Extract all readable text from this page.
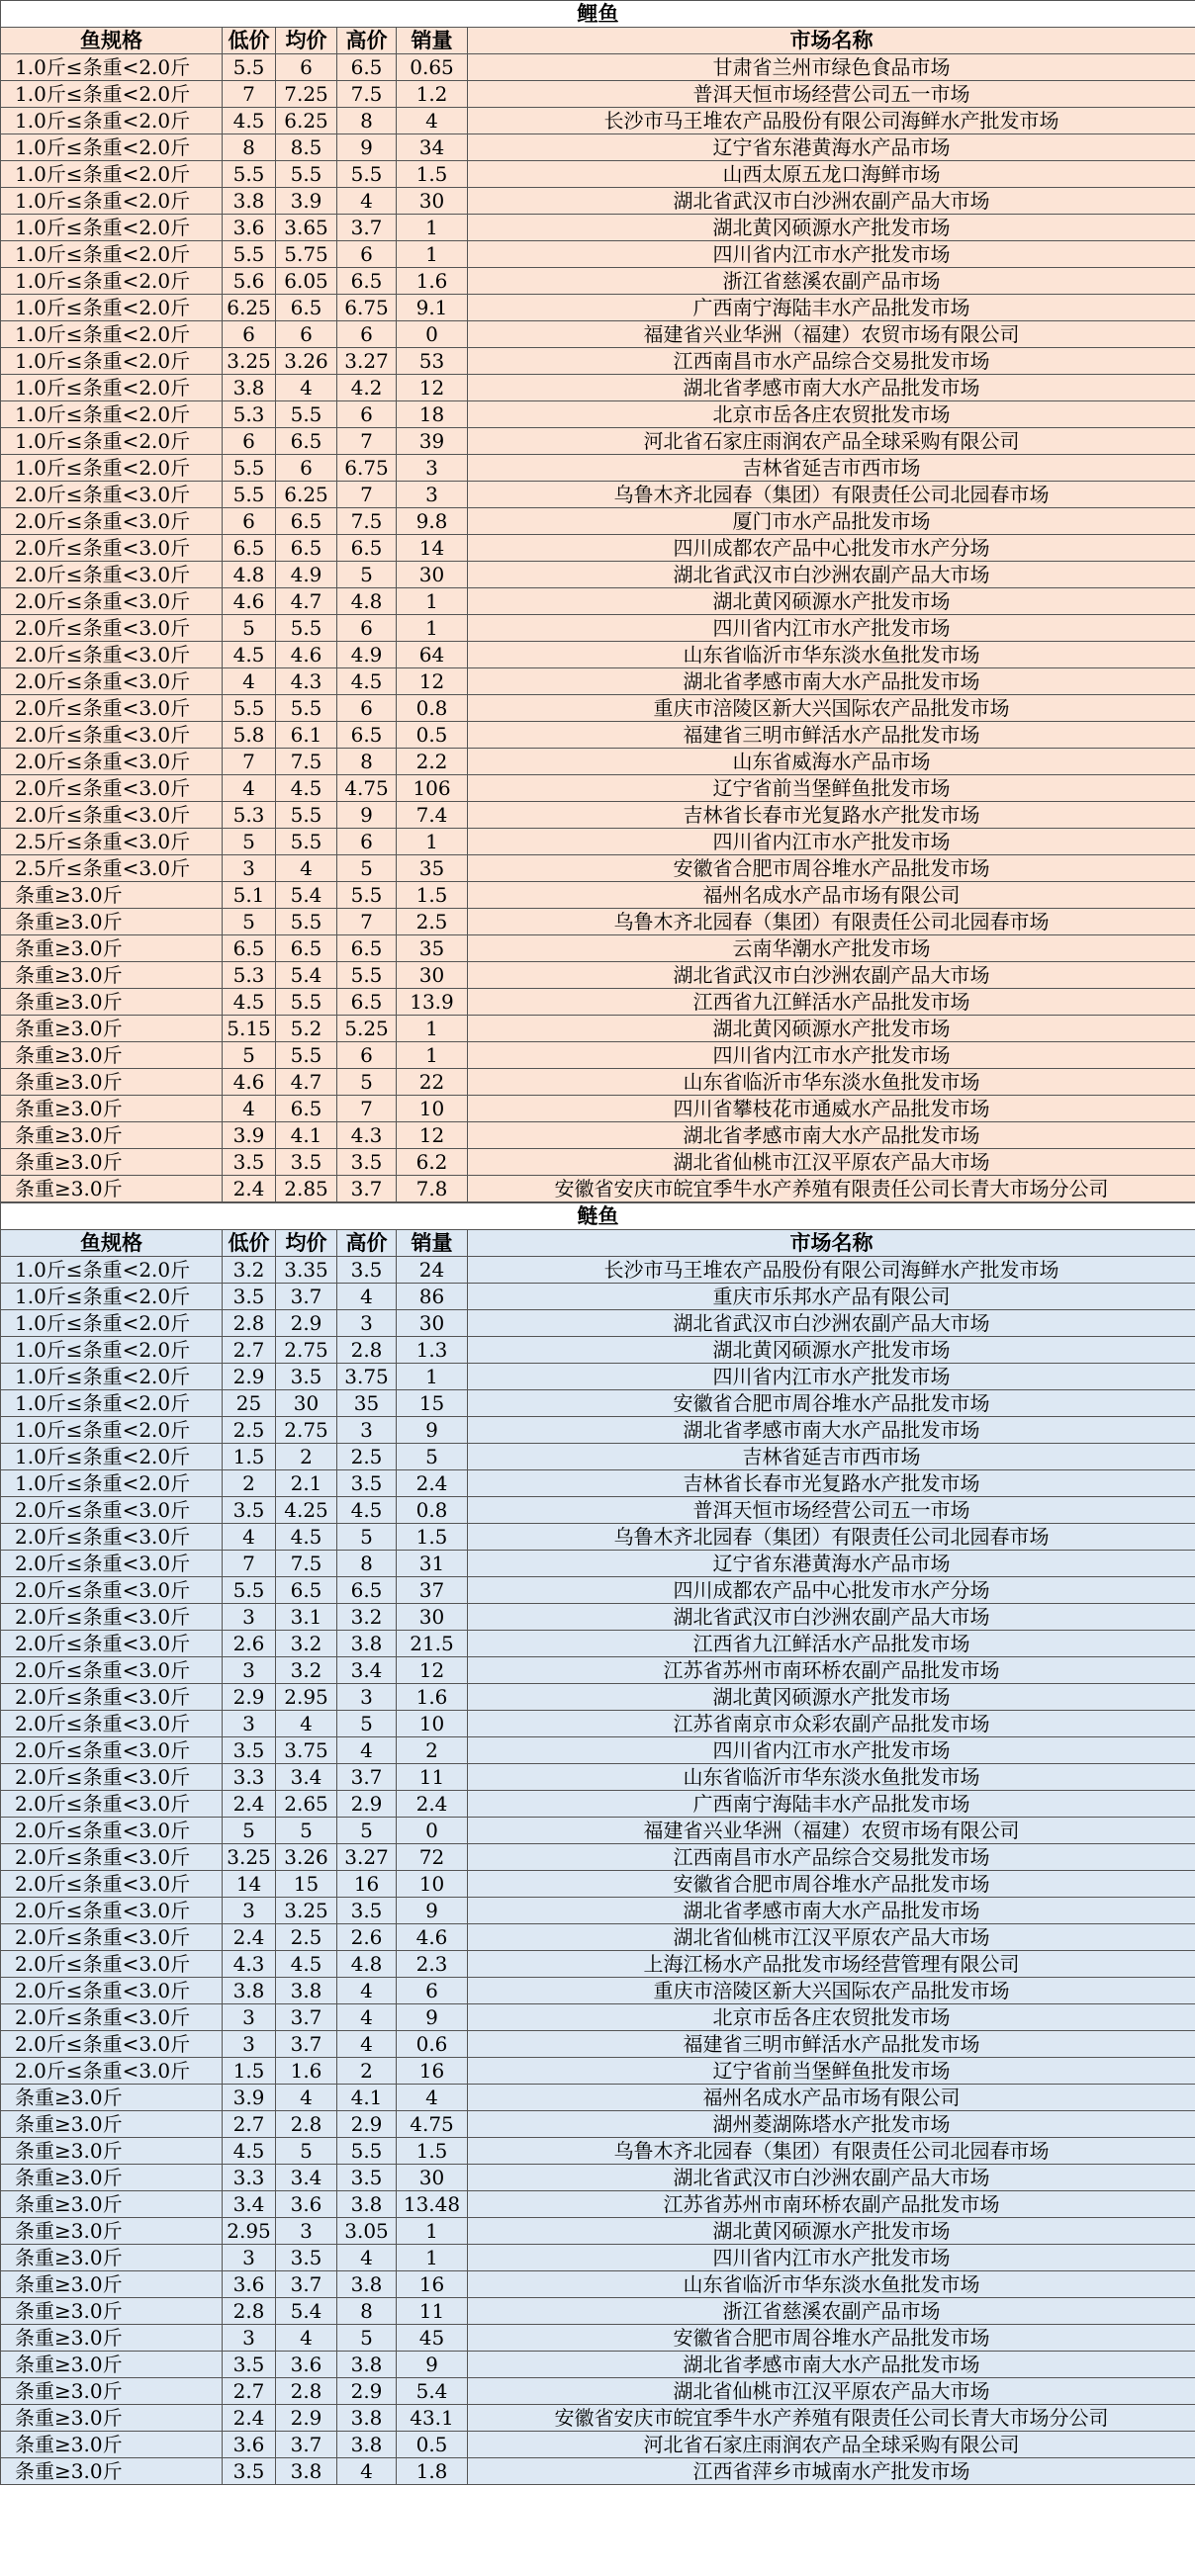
鲤鱼					
鱼规格	低价	均价	高价	销量	市场名称
1.0斤≤条重<2.0斤	5.5	6	6.5	0.65	甘肃省兰州市绿色食品市场
1.0斤≤条重<2.0斤	7	7.25	7.5	1.2	普洱天恒市场经营公司五一市场
1.0斤≤条重<2.0斤	4.5	6.25	8	4	长沙市马王堆农产品股份有限公司海鲜水产批发市场
1.0斤≤条重<2.0斤	8	8.5	9	34	辽宁省东港黄海水产品市场
1.0斤≤条重<2.0斤	5.5	5.5	5.5	1.5	山西太原五龙口海鲜市场
1.0斤≤条重<2.0斤	3.8	3.9	4	30	湖北省武汉市白沙洲农副产品大市场
1.0斤≤条重<2.0斤	3.6	3.65	3.7	1	湖北黄冈硕源水产批发市场
1.0斤≤条重<2.0斤	5.5	5.75	6	1	四川省内江市水产批发市场
1.0斤≤条重<2.0斤	5.6	6.05	6.5	1.6	浙江省慈溪农副产品市场
1.0斤≤条重<2.0斤	6.25	6.5	6.75	9.1	广西南宁海陆丰水产品批发市场
1.0斤≤条重<2.0斤	6	6	6	0	福建省兴业华洲（福建）农贸市场有限公司
1.0斤≤条重<2.0斤	3.25	3.26	3.27	53	江西南昌市水产品综合交易批发市场
1.0斤≤条重<2.0斤	3.8	4	4.2	12	湖北省孝感市南大水产品批发市场
1.0斤≤条重<2.0斤	5.3	5.5	6	18	北京市岳各庄农贸批发市场
1.0斤≤条重<2.0斤	6	6.5	7	39	河北省石家庄雨润农产品全球采购有限公司
1.0斤≤条重<2.0斤	5.5	6	6.75	3	吉林省延吉市西市场
2.0斤≤条重<3.0斤	5.5	6.25	7	3	乌鲁木齐北园春（集团）有限责任公司北园春市场
2.0斤≤条重<3.0斤	6	6.5	7.5	9.8	厦门市水产品批发市场
2.0斤≤条重<3.0斤	6.5	6.5	6.5	14	四川成都农产品中心批发市水产分场
2.0斤≤条重<3.0斤	4.8	4.9	5	30	湖北省武汉市白沙洲农副产品大市场
2.0斤≤条重<3.0斤	4.6	4.7	4.8	1	湖北黄冈硕源水产批发市场
2.0斤≤条重<3.0斤	5	5.5	6	1	四川省内江市水产批发市场
2.0斤≤条重<3.0斤	4.5	4.6	4.9	64	山东省临沂市华东淡水鱼批发市场
2.0斤≤条重<3.0斤	4	4.3	4.5	12	湖北省孝感市南大水产品批发市场
2.0斤≤条重<3.0斤	5.5	5.5	6	0.8	重庆市涪陵区新大兴国际农产品批发市场
2.0斤≤条重<3.0斤	5.8	6.1	6.5	0.5	福建省三明市鲜活水产品批发市场
2.0斤≤条重<3.0斤	7	7.5	8	2.2	山东省威海水产品市场
2.0斤≤条重<3.0斤	4	4.5	4.75	106	辽宁省前当堡鲜鱼批发市场
2.0斤≤条重<3.0斤	5.3	5.5	9	7.4	吉林省长春市光复路水产批发市场
2.5斤≤条重<3.0斤	5	5.5	6	1	四川省内江市水产批发市场
2.5斤≤条重<3.0斤	3	4	5	35	安徽省合肥市周谷堆水产品批发市场
条重≥3.0斤	5.1	5.4	5.5	1.5	福州名成水产品市场有限公司
条重≥3.0斤	5	5.5	7	2.5	乌鲁木齐北园春（集团）有限责任公司北园春市场
条重≥3.0斤	6.5	6.5	6.5	35	云南华潮水产批发市场
条重≥3.0斤	5.3	5.4	5.5	30	湖北省武汉市白沙洲农副产品大市场
条重≥3.0斤	4.5	5.5	6.5	13.9	江西省九江鲜活水产品批发市场
条重≥3.0斤	5.15	5.2	5.25	1	湖北黄冈硕源水产批发市场
条重≥3.0斤	5	5.5	6	1	四川省内江市水产批发市场
条重≥3.0斤	4.6	4.7	5	22	山东省临沂市华东淡水鱼批发市场
条重≥3.0斤	4	6.5	7	10	四川省攀枝花市通威水产品批发市场
条重≥3.0斤	3.9	4.1	4.3	12	湖北省孝感市南大水产品批发市场
条重≥3.0斤	3.5	3.5	3.5	6.2	湖北省仙桃市江汉平原农产品大市场
条重≥3.0斤	2.4	2.85	3.7	7.8	安徽省安庆市皖宜季牛水产养殖有限责任公司长青大市场分公司
鲢鱼					
鱼规格	低价	均价	高价	销量	市场名称
1.0斤≤条重<2.0斤	3.2	3.35	3.5	24	长沙市马王堆农产品股份有限公司海鲜水产批发市场
1.0斤≤条重<2.0斤	3.5	3.7	4	86	重庆市乐邦水产品有限公司
1.0斤≤条重<2.0斤	2.8	2.9	3	30	湖北省武汉市白沙洲农副产品大市场
1.0斤≤条重<2.0斤	2.7	2.75	2.8	1.3	湖北黄冈硕源水产批发市场
1.0斤≤条重<2.0斤	2.9	3.5	3.75	1	四川省内江市水产批发市场
1.0斤≤条重<2.0斤	25	30	35	15	安徽省合肥市周谷堆水产品批发市场
1.0斤≤条重<2.0斤	2.5	2.75	3	9	湖北省孝感市南大水产品批发市场
1.0斤≤条重<2.0斤	1.5	2	2.5	5	吉林省延吉市西市场
1.0斤≤条重<2.0斤	2	2.1	3.5	2.4	吉林省长春市光复路水产批发市场
2.0斤≤条重<3.0斤	3.5	4.25	4.5	0.8	普洱天恒市场经营公司五一市场
2.0斤≤条重<3.0斤	4	4.5	5	1.5	乌鲁木齐北园春（集团）有限责任公司北园春市场
2.0斤≤条重<3.0斤	7	7.5	8	31	辽宁省东港黄海水产品市场
2.0斤≤条重<3.0斤	5.5	6.5	6.5	37	四川成都农产品中心批发市水产分场
2.0斤≤条重<3.0斤	3	3.1	3.2	30	湖北省武汉市白沙洲农副产品大市场
2.0斤≤条重<3.0斤	2.6	3.2	3.8	21.5	江西省九江鲜活水产品批发市场
2.0斤≤条重<3.0斤	3	3.2	3.4	12	江苏省苏州市南环桥农副产品批发市场
2.0斤≤条重<3.0斤	2.9	2.95	3	1.6	湖北黄冈硕源水产批发市场
2.0斤≤条重<3.0斤	3	4	5	10	江苏省南京市众彩农副产品批发市场
2.0斤≤条重<3.0斤	3.5	3.75	4	2	四川省内江市水产批发市场
2.0斤≤条重<3.0斤	3.3	3.4	3.7	11	山东省临沂市华东淡水鱼批发市场
2.0斤≤条重<3.0斤	2.4	2.65	2.9	2.4	广西南宁海陆丰水产品批发市场
2.0斤≤条重<3.0斤	5	5	5	0	福建省兴业华洲（福建）农贸市场有限公司
2.0斤≤条重<3.0斤	3.25	3.26	3.27	72	江西南昌市水产品综合交易批发市场
2.0斤≤条重<3.0斤	14	15	16	10	安徽省合肥市周谷堆水产品批发市场
2.0斤≤条重<3.0斤	3	3.25	3.5	9	湖北省孝感市南大水产品批发市场
2.0斤≤条重<3.0斤	2.4	2.5	2.6	4.6	湖北省仙桃市江汉平原农产品大市场
2.0斤≤条重<3.0斤	4.3	4.5	4.8	2.3	上海江杨水产品批发市场经营管理有限公司
2.0斤≤条重<3.0斤	3.8	3.8	4	6	重庆市涪陵区新大兴国际农产品批发市场
2.0斤≤条重<3.0斤	3	3.7	4	9	北京市岳各庄农贸批发市场
2.0斤≤条重<3.0斤	3	3.7	4	0.6	福建省三明市鲜活水产品批发市场
2.0斤≤条重<3.0斤	1.5	1.6	2	16	辽宁省前当堡鲜鱼批发市场
条重≥3.0斤	3.9	4	4.1	4	福州名成水产品市场有限公司
条重≥3.0斤	2.7	2.8	2.9	4.75	湖州菱湖陈塔水产批发市场
条重≥3.0斤	4.5	5	5.5	1.5	乌鲁木齐北园春（集团）有限责任公司北园春市场
条重≥3.0斤	3.3	3.4	3.5	30	湖北省武汉市白沙洲农副产品大市场
条重≥3.0斤	3.4	3.6	3.8	13.48	江苏省苏州市南环桥农副产品批发市场
条重≥3.0斤	2.95	3	3.05	1	湖北黄冈硕源水产批发市场
条重≥3.0斤	3	3.5	4	1	四川省内江市水产批发市场
条重≥3.0斤	3.6	3.7	3.8	16	山东省临沂市华东淡水鱼批发市场
条重≥3.0斤	2.8	5.4	8	11	浙江省慈溪农副产品市场
条重≥3.0斤	3	4	5	45	安徽省合肥市周谷堆水产品批发市场
条重≥3.0斤	3.5	3.6	3.8	9	湖北省孝感市南大水产品批发市场
条重≥3.0斤	2.7	2.8	2.9	5.4	湖北省仙桃市江汉平原农产品大市场
条重≥3.0斤	2.4	2.9	3.8	43.1	安徽省安庆市皖宜季牛水产养殖有限责任公司长青大市场分公司
条重≥3.0斤	3.6	3.7	3.8	0.5	河北省石家庄雨润农产品全球采购有限公司
条重≥3.0斤	3.5	3.8	4	1.8	江西省萍乡市城南水产批发市场
